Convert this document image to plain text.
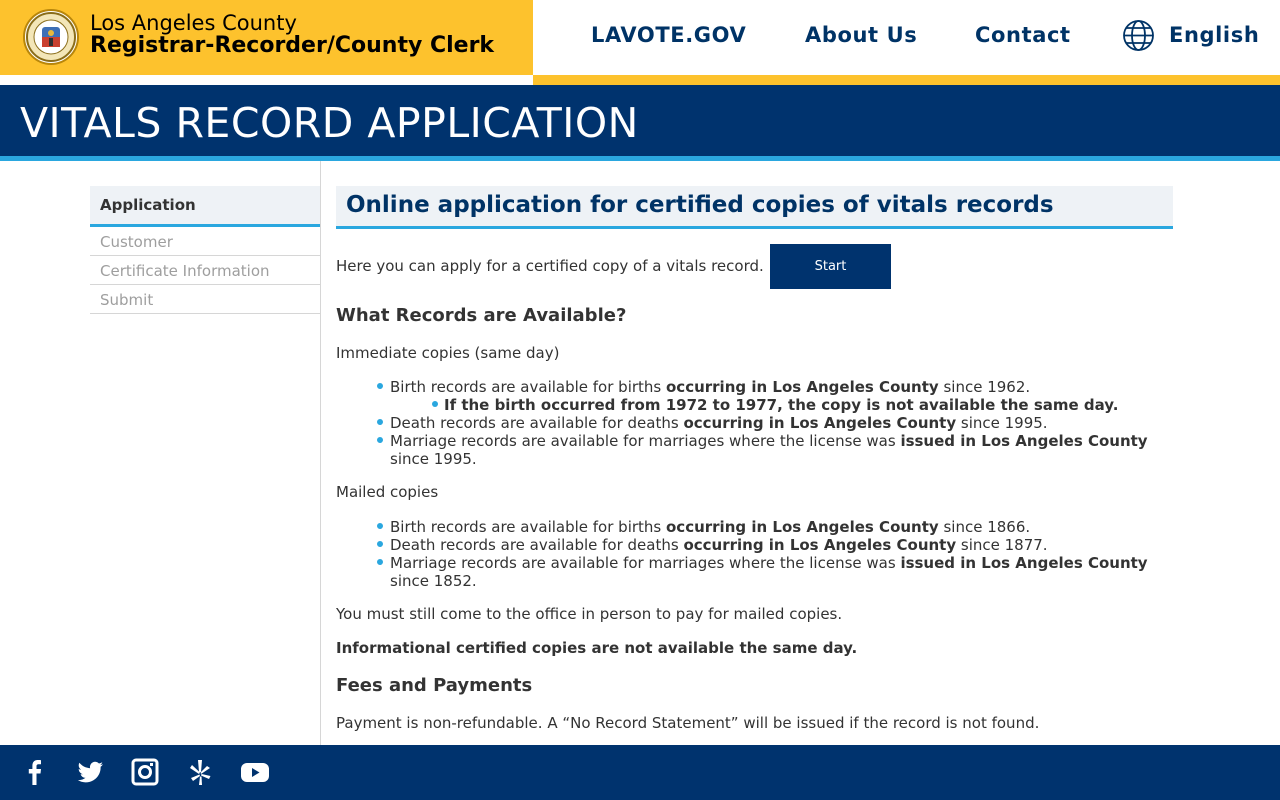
Los Angeles County
Registrar-Recorder/County Clerk	LAVOTE.GOV	About Us	Contact	English
VITALS RECORD APPLICATION
Application
Customer
Certificate Information
Submit
Online application for certified copies of vitals records
Here you can apply for a certified copy of a vitals record.	Start
What Records are Available?
Immediate copies (same day)
Birth records are available for births occurring in Los Angeles County since 1962.
If the birth occurred from 1972 to 1977, the copy is not available the same day.
Death records are available for deaths occurring in Los Angeles County since 1995.
Marriage records are available for marriages where the license was issued in Los Angeles County
since 1995.
Mailed copies
Birth records are available for births occurring in Los Angeles County since 1866.
Death records are available for deaths occurring in Los Angeles County since 1877.
Marriage records are available for marriages where the license was issued in Los Angeles County
since 1852.
You must still come to the office in person to pay for mailed copies.
Informational certified copies are not available the same day.
Fees and Payments
Payment is non-refundable. A “No Record Statement” will be issued if the record is not found.
